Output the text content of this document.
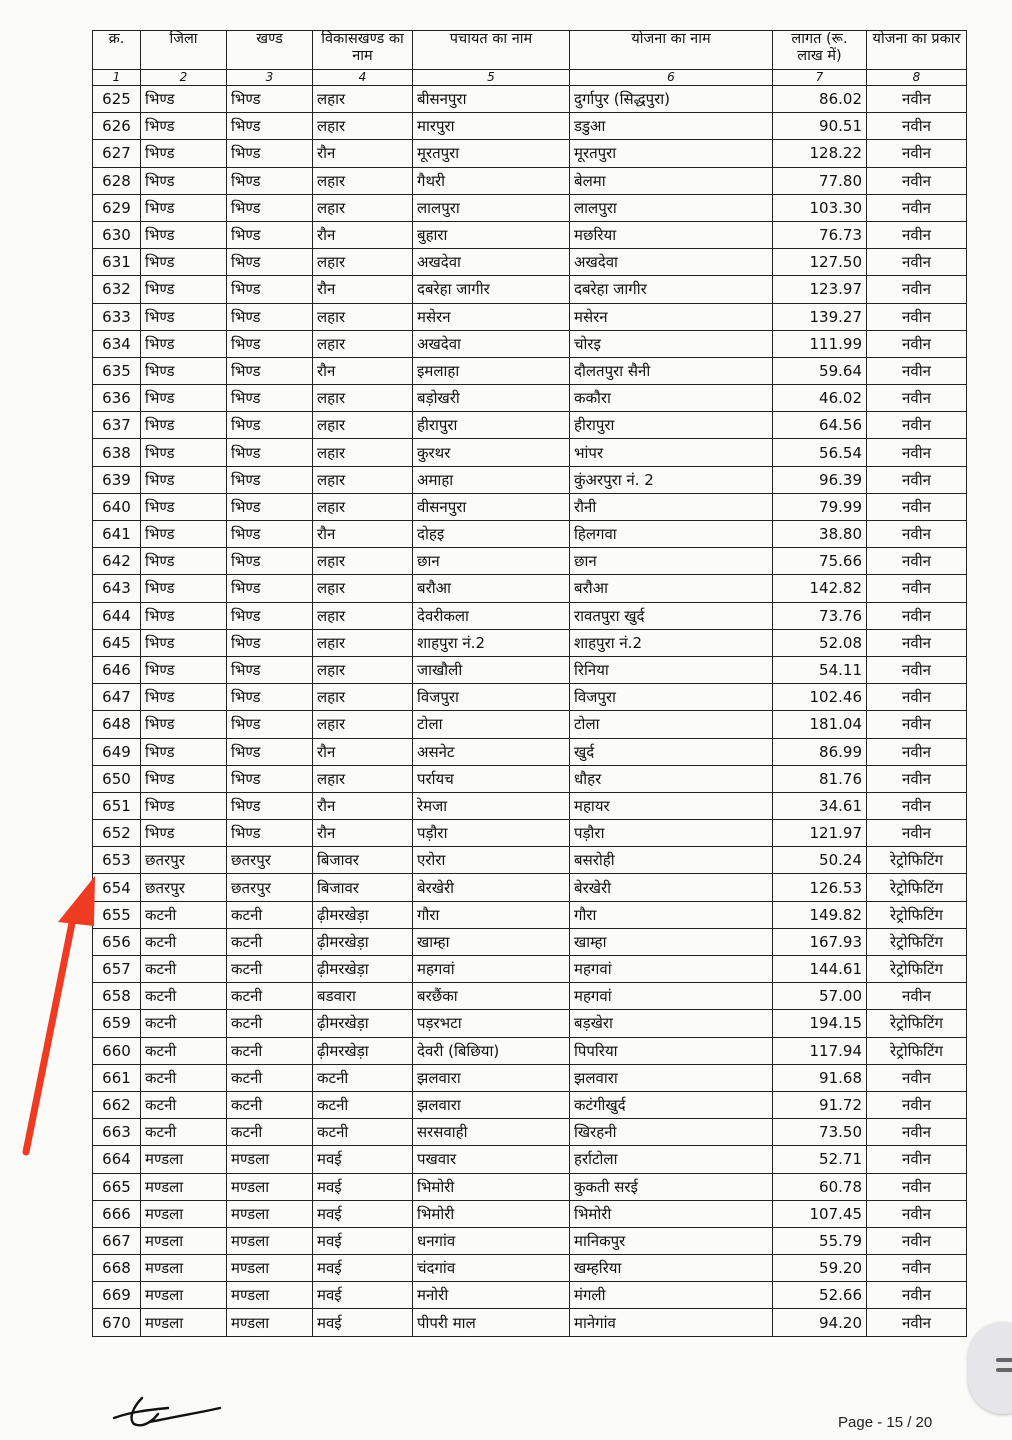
क्र.	जिला	खण्ड	विकासखण्ड का नाम	पचायत का नाम	योजना का नाम	लागत (रू. लाख में)	योजना का प्रकार
1	2	3	4	5	6	7	8
625	भिण्ड	भिण्ड	लहार	बीसनपुरा	दुर्गापुर (सिद्धपुरा)	86.02	नवीन
626	भिण्ड	भिण्ड	लहार	मारपुरा	डडुआ	90.51	नवीन
627	भिण्ड	भिण्ड	रौन	मूरतपुरा	मूरतपुरा	128.22	नवीन
628	भिण्ड	भिण्ड	लहार	गैथरी	बेलमा	77.80	नवीन
629	भिण्ड	भिण्ड	लहार	लालपुरा	लालपुरा	103.30	नवीन
630	भिण्ड	भिण्ड	रौन	बुहारा	मछरिया	76.73	नवीन
631	भिण्ड	भिण्ड	लहार	अखदेवा	अखदेवा	127.50	नवीन
632	भिण्ड	भिण्ड	रौन	दबरेहा जागीर	दबरेहा जागीर	123.97	नवीन
633	भिण्ड	भिण्ड	लहार	मसेरन	मसेरन	139.27	नवीन
634	भिण्ड	भिण्ड	लहार	अखदेवा	चोरइ	111.99	नवीन
635	भिण्ड	भिण्ड	रौन	इमलाहा	दौलतपुरा सैनी	59.64	नवीन
636	भिण्ड	भिण्ड	लहार	बड़ोखरी	ककौरा	46.02	नवीन
637	भिण्ड	भिण्ड	लहार	हीरापुरा	हीरापुरा	64.56	नवीन
638	भिण्ड	भिण्ड	लहार	कुरथर	भांपर	56.54	नवीन
639	भिण्ड	भिण्ड	लहार	अमाहा	कुंअरपुरा नं. 2	96.39	नवीन
640	भिण्ड	भिण्ड	लहार	वीसनपुरा	रौनी	79.99	नवीन
641	भिण्ड	भिण्ड	रौन	दोहइ	हिलगवा	38.80	नवीन
642	भिण्ड	भिण्ड	लहार	छान	छान	75.66	नवीन
643	भिण्ड	भिण्ड	लहार	बरौआ	बरौआ	142.82	नवीन
644	भिण्ड	भिण्ड	लहार	देवरीकला	रावतपुरा खुर्द	73.76	नवीन
645	भिण्ड	भिण्ड	लहार	शाहपुरा नं.2	शाहपुरा नं.2	52.08	नवीन
646	भिण्ड	भिण्ड	लहार	जाखौली	रिनिया	54.11	नवीन
647	भिण्ड	भिण्ड	लहार	विजपुरा	विजपुरा	102.46	नवीन
648	भिण्ड	भिण्ड	लहार	टोला	टोला	181.04	नवीन
649	भिण्ड	भिण्ड	रौन	असनेट	खुर्द	86.99	नवीन
650	भिण्ड	भिण्ड	लहार	पर्रायच	धौहर	81.76	नवीन
651	भिण्ड	भिण्ड	रौन	रेमजा	महायर	34.61	नवीन
652	भिण्ड	भिण्ड	रौन	पड़ौरा	पड़ौरा	121.97	नवीन
653	छतरपुर	छतरपुर	बिजावर	एरोरा	बसरोही	50.24	रेट्रोफिटिंग
654	छतरपुर	छतरपुर	बिजावर	बेरखेरी	बेरखेरी	126.53	रेट्रोफिटिंग
655	कटनी	कटनी	ढ़ीमरखेड़ा	गौरा	गौरा	149.82	रेट्रोफिटिंग
656	कटनी	कटनी	ढ़ीमरखेड़ा	खाम्हा	खाम्हा	167.93	रेट्रोफिटिंग
657	कटनी	कटनी	ढ़ीमरखेड़ा	महगवां	महगवां	144.61	रेट्रोफिटिंग
658	कटनी	कटनी	बडवारा	बरछैंका	महगवां	57.00	नवीन
659	कटनी	कटनी	ढ़ीमरखेड़ा	पड़रभटा	बड़खेरा	194.15	रेट्रोफिटिंग
660	कटनी	कटनी	ढ़ीमरखेड़ा	देवरी (बिछिया)	पिपरिया	117.94	रेट्रोफिटिंग
661	कटनी	कटनी	कटनी	झलवारा	झलवारा	91.68	नवीन
662	कटनी	कटनी	कटनी	झलवारा	कटंगीखुर्द	91.72	नवीन
663	कटनी	कटनी	कटनी	सरसवाही	खिरहनी	73.50	नवीन
664	मण्डला	मण्डला	मवई	पखवार	हर्राटोला	52.71	नवीन
665	मण्डला	मण्डला	मवई	भिमोरी	कुकती सरई	60.78	नवीन
666	मण्डला	मण्डला	मवई	भिमोरी	भिमोरी	107.45	नवीन
667	मण्डला	मण्डला	मवई	धनगांव	मानिकपुर	55.79	नवीन
668	मण्डला	मण्डला	मवई	चंदगांव	खम्हरिया	59.20	नवीन
669	मण्डला	मण्डला	मवई	मनोरी	मंगली	52.66	नवीन
670	मण्डला	मण्डला	मवई	पीपरी माल	मानेगांव	94.20	नवीन
Page - 15 / 20
